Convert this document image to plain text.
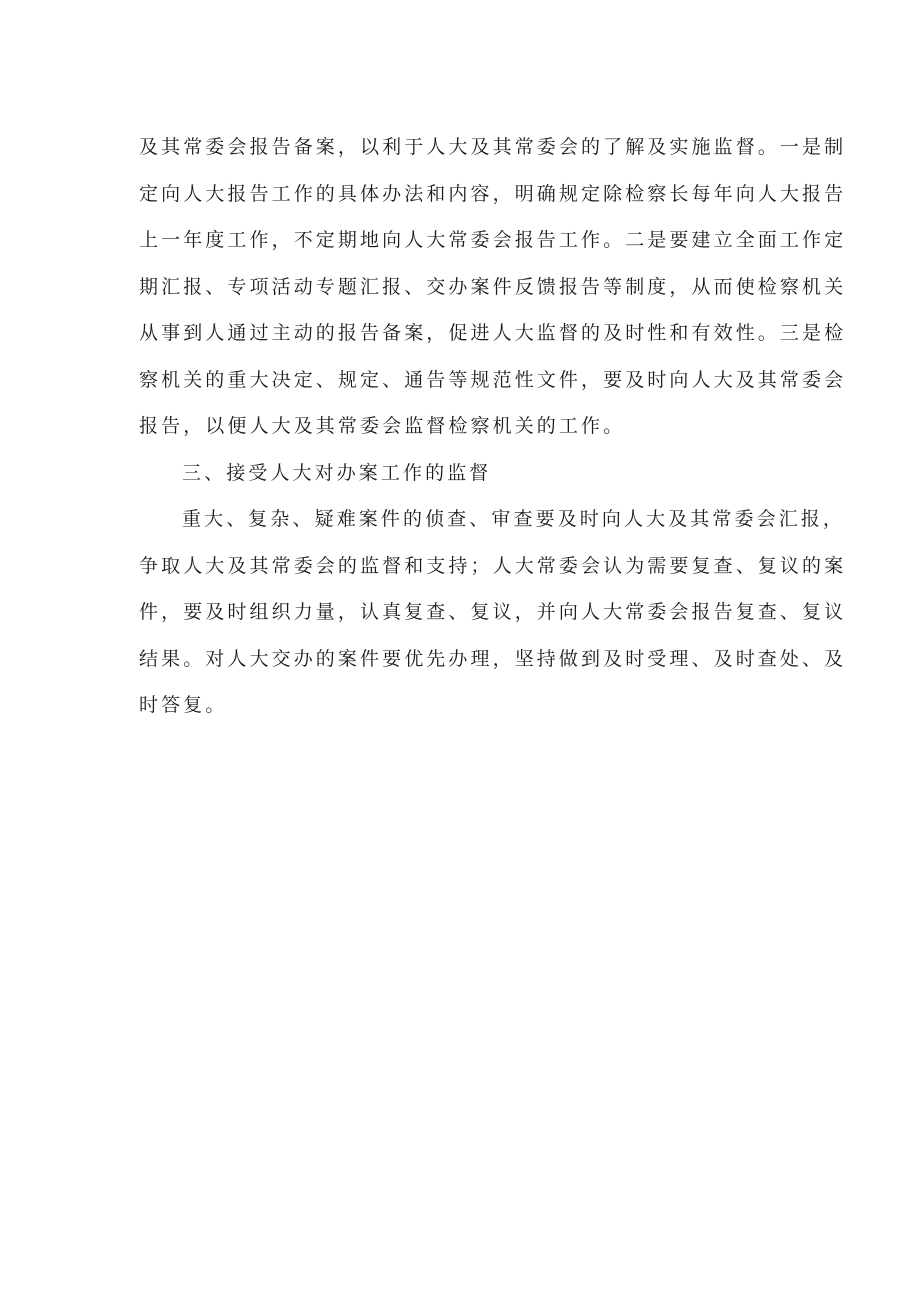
及其常委会报告备案，以利于人大及其常委会的了解及实施监督。一是制
定向人大报告工作的具体办法和内容，明确规定除检察长每年向人大报告
上一年度工作，不定期地向人大常委会报告工作。二是要建立全面工作定
期汇报、专项活动专题汇报、交办案件反馈报告等制度，从而使检察机关
从事到人通过主动的报告备案，促进人大监督的及时性和有效性。三是检
察机关的重大决定、规定、通告等规范性文件，要及时向人大及其常委会
报告，以便人大及其常委会监督检察机关的工作。
三、接受人大对办案工作的监督
重大、复杂、疑难案件的侦查、审查要及时向人大及其常委会汇报，
争取人大及其常委会的监督和支持；人大常委会认为需要复查、复议的案
件，要及时组织力量，认真复查、复议，并向人大常委会报告复查、复议
结果。对人大交办的案件要优先办理，坚持做到及时受理、及时查处、及
时答复。
